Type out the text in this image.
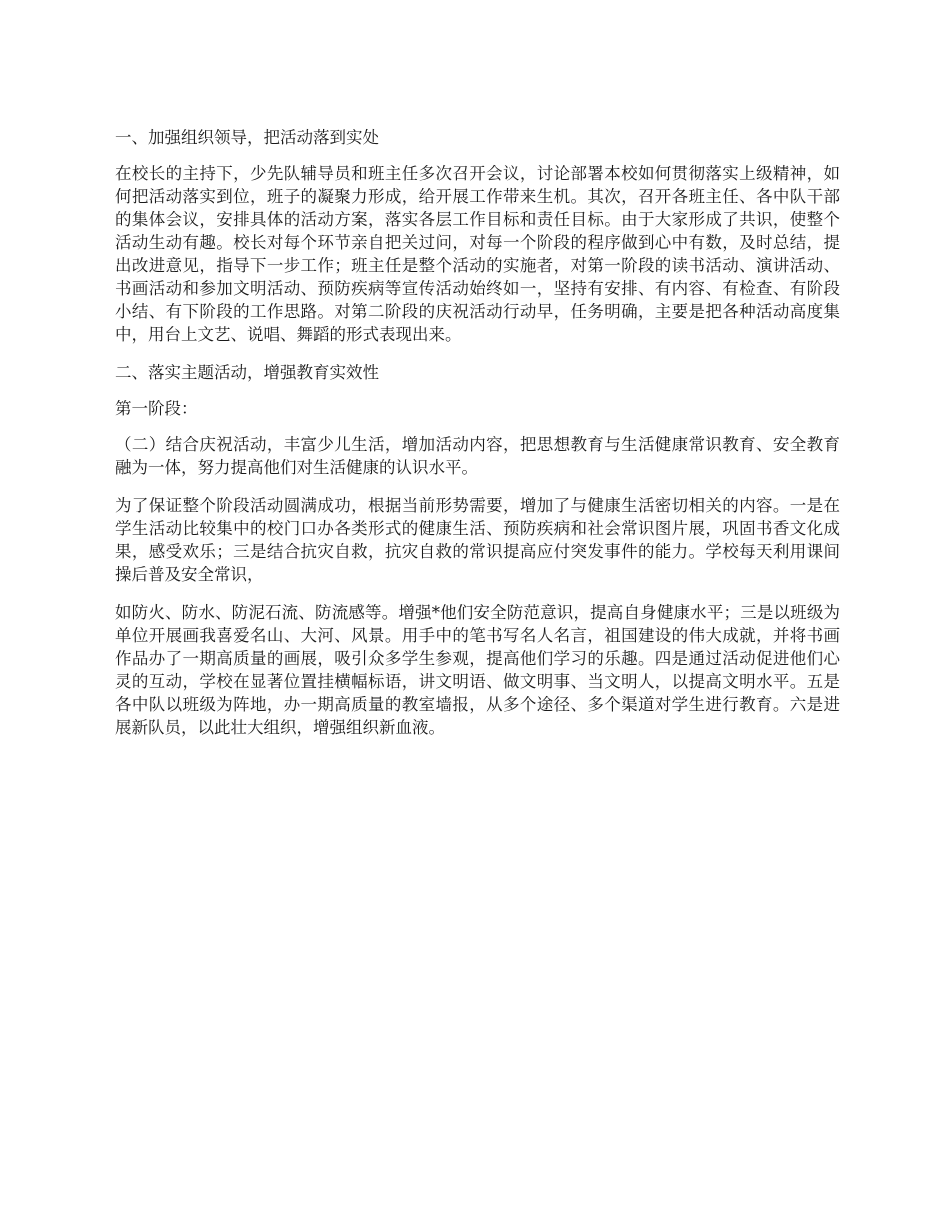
一、加强组织领导，把活动落到实处

在校长的主持下，少先队辅导员和班主任多次召开会议，讨论部署本校如何贯彻落实上级精神，如何把活动落实到位，班子的凝聚力形成，给开展工作带来生机。其次，召开各班主任、各中队干部的集体会议，安排具体的活动方案，落实各层工作目标和责任目标。由于大家形成了共识，使整个活动生动有趣。校长对每个环节亲自把关过问，对每一个阶段的程序做到心中有数，及时总结，提出改进意见，指导下一步工作；班主任是整个活动的实施者，对第一阶段的读书活动、演讲活动、书画活动和参加文明活动、预防疾病等宣传活动始终如一，坚持有安排、有内容、有检查、有阶段小结、有下阶段的工作思路。对第二阶段的庆祝活动行动早，任务明确，主要是把各种活动高度集中，用台上文艺、说唱、舞蹈的形式表现出来。

二、落实主题活动，增强教育实效性

第一阶段：

（二）结合庆祝活动，丰富少儿生活，增加活动内容，把思想教育与生活健康常识教育、安全教育融为一体，努力提高他们对生活健康的认识水平。

为了保证整个阶段活动圆满成功，根据当前形势需要，增加了与健康生活密切相关的内容。一是在学生活动比较集中的校门口办各类形式的健康生活、预防疾病和社会常识图片展，巩固书香文化成果，感受欢乐；三是结合抗灾自救，抗灾自救的常识提高应付突发事件的能力。学校每天利用课间操后普及安全常识，

如防火、防水、防泥石流、防流感等。增强*他们安全防范意识，提高自身健康水平；三是以班级为单位开展画我喜爱名山、大河、风景。用手中的笔书写名人名言，祖国建设的伟大成就，并将书画作品办了一期高质量的画展，吸引众多学生参观，提高他们学习的乐趣。四是通过活动促进他们心灵的互动，学校在显著位置挂横幅标语，讲文明语、做文明事、当文明人，以提高文明水平。五是各中队以班级为阵地，办一期高质量的教室墙报，从多个途径、多个渠道对学生进行教育。六是进展新队员，以此壮大组织，增强组织新血液。
